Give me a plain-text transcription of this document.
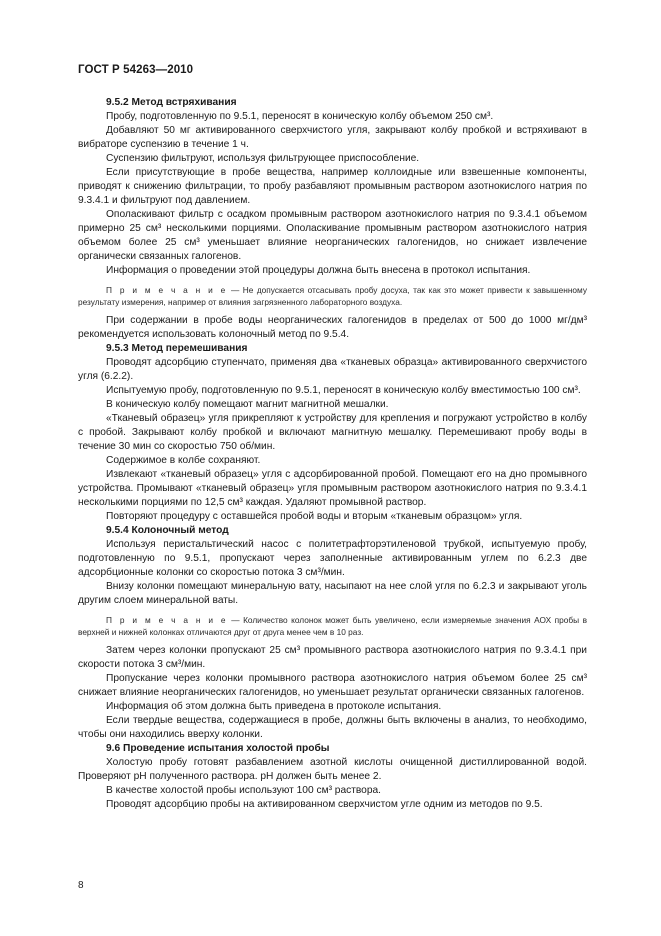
ГОСТ Р 54263—2010

9.5.2 Метод встряхивания

Пробу, подготовленную по 9.5.1, переносят в коническую колбу объемом 250 см³.

Добавляют 50 мг активированного сверхчистого угля, закрывают колбу пробкой и встряхивают в вибраторе суспензию в течение 1 ч.

Суспензию фильтруют, используя фильтрующее приспособление.

Если присутствующие в пробе вещества, например коллоидные или взвешенные компоненты, приводят к снижению фильтрации, то пробу разбавляют промывным раствором азотнокислого натрия по 9.3.4.1 и фильтруют под давлением.

Ополаскивают фильтр с осадком промывным раствором азотнокислого натрия по 9.3.4.1 объемом примерно 25 см³ несколькими порциями. Ополаскивание промывным раствором азотнокислого натрия объемом более 25 см³ уменьшает влияние неорганических галогенидов, но снижает извлечение органически связанных галогенов.

Информация о проведении этой процедуры должна быть внесена в протокол испытания.

П р и м е ч а н и е — Не допускается отсасывать пробу досуха, так как это может привести к завышенному результату измерения, например от влияния загрязненного лабораторного воздуха.

При содержании в пробе воды неорганических галогенидов в пределах от 500 до 1000 мг/дм³ рекомендуется использовать колоночный метод по 9.5.4.

9.5.3 Метод перемешивания

Проводят адсорбцию ступенчато, применяя два «тканевых образца» активированного сверхчистого угля (6.2.2).

Испытуемую пробу, подготовленную по 9.5.1, переносят в коническую колбу вместимостью 100 см³.

В коническую колбу помещают магнит магнитной мешалки.

«Тканевый образец» угля прикрепляют к устройству для крепления и погружают устройство в колбу с пробой. Закрывают колбу пробкой и включают магнитную мешалку. Перемешивают пробу воды в течение 30 мин со скоростью 750 об/мин.

Содержимое в колбе сохраняют.

Извлекают «тканевый образец» угля с адсорбированной пробой. Помещают его на дно промывного устройства. Промывают «тканевый образец» угля промывным раствором азотнокислого натрия по 9.3.4.1 несколькими порциями по 12,5 см³ каждая. Удаляют промывной раствор.

Повторяют процедуру с оставшейся пробой воды и вторым «тканевым образцом» угля.

9.5.4 Колоночный метод

Используя перистальтический насос с политетрафторэтиленовой трубкой, испытуемую пробу, подготовленную по 9.5.1, пропускают через заполненные активированным углем по 6.2.3 две адсорбционные колонки со скоростью потока 3 см³/мин.

Внизу колонки помещают минеральную вату, насыпают на нее слой угля по 6.2.3 и закрывают уголь другим слоем минеральной ваты.

П р и м е ч а н и е — Количество колонок может быть увеличено, если измеряемые значения АОХ пробы в верхней и нижней колонках отличаются друг от друга менее чем в 10 раз.

Затем через колонки пропускают 25 см³ промывного раствора азотнокислого натрия по 9.3.4.1 при скорости потока 3 см³/мин.

Пропускание через колонки промывного раствора азотнокислого натрия объемом более 25 см³ снижает влияние неорганических галогенидов, но уменьшает результат органически связанных галогенов.

Информация об этом должна быть приведена в протоколе испытания.

Если твердые вещества, содержащиеся в пробе, должны быть включены в анализ, то необходимо, чтобы они находились вверху колонки.

9.6 Проведение испытания холостой пробы

Холостую пробу готовят разбавлением азотной кислоты очищенной дистиллированной водой. Проверяют pH полученного раствора. pH должен быть менее 2.

В качестве холостой пробы используют 100 см³ раствора.

Проводят адсорбцию пробы на активированном сверхчистом угле одним из методов по 9.5.

8
